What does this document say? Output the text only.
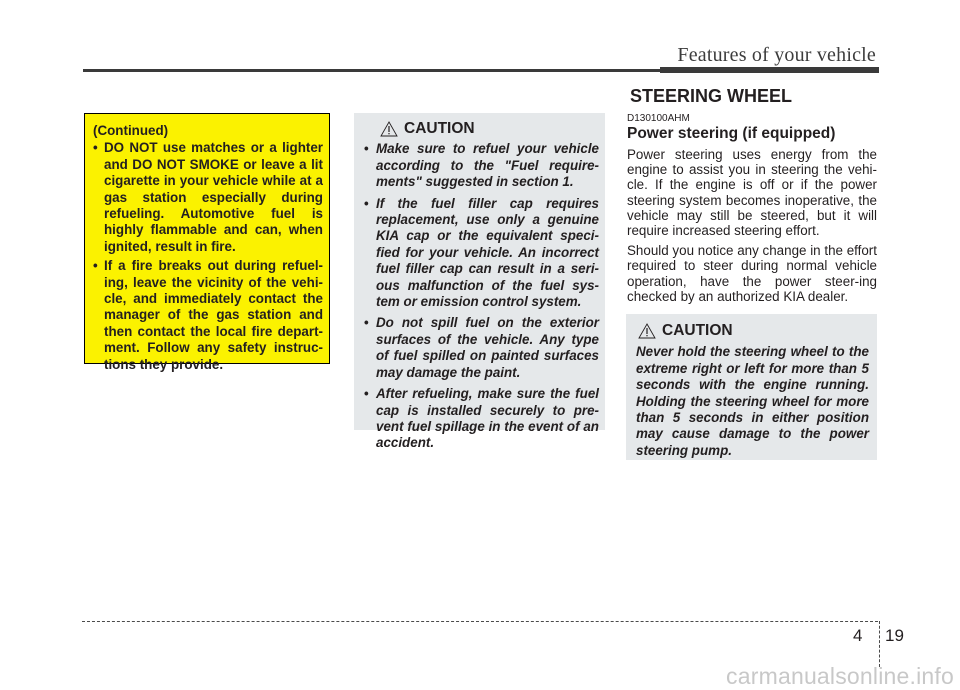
Features of your vehicle
(Continued)
• DO NOT use matches or a lighter and DO NOT SMOKE or leave a lit cigarette in your vehicle while at a gas station especially during refueling. Automotive fuel is highly flammable and can, when ignited, result in fire.
• If a fire breaks out during refuel-ing, leave the vicinity of the vehi-cle, and immediately contact the manager of the gas station and then contact the local fire depart-ment. Follow any safety instruc-tions they provide.
CAUTION
• Make sure to refuel your vehicle according to the "Fuel require-ments" suggested in section 1.
• If the fuel filler cap requires replacement, use only a genuine KIA cap or the equivalent speci-fied for your vehicle. An incorrect fuel filler cap can result in a seri-ous malfunction of the fuel sys-tem or emission control system.
• Do not spill fuel on the exterior surfaces of the vehicle. Any type of fuel spilled on painted surfaces may damage the paint.
• After refueling, make sure the fuel cap is installed securely to pre-vent fuel spillage in the event of an accident.
STEERING WHEEL
D130100AHM
Power steering (if equipped)

Power steering uses energy from the engine to assist you in steering the vehi-cle. If the engine is off or if the power steering system becomes inoperative, the vehicle may still be steered, but it will require increased steering effort.

Should you notice any change in the effort required to steer during normal vehicle operation, have the power steer-ing checked by an authorized KIA dealer.

CAUTION
Never hold the steering wheel to the extreme right or left for more than 5 seconds with the engine running. Holding the steering wheel for more than 5 seconds in either position may cause damage to the power steering pump.
4 19
carmanualsonline.info
